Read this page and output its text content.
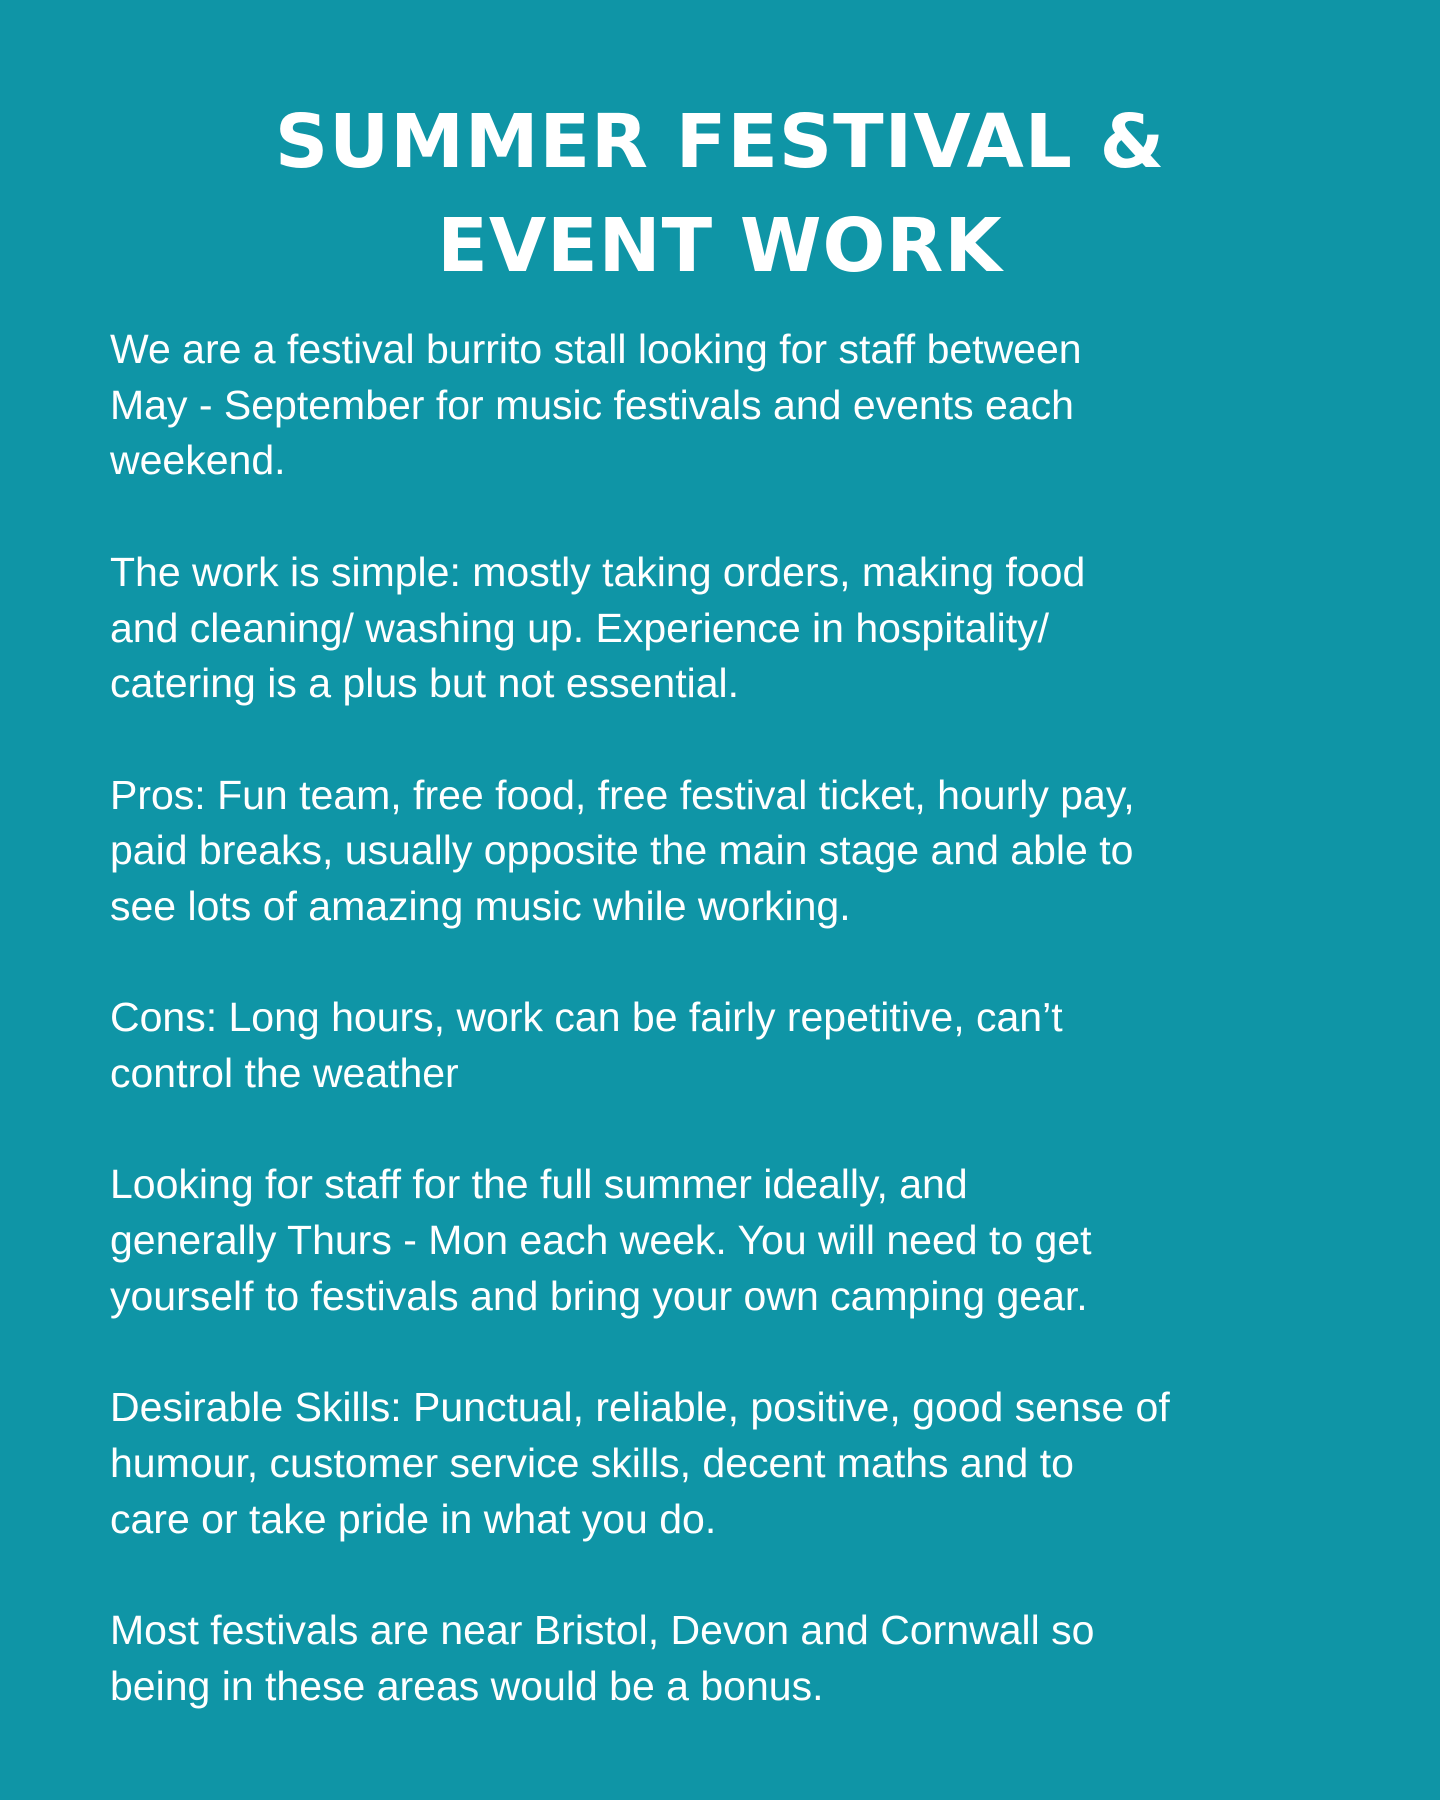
SUMMER FESTIVAL &
EVENT WORK

We are a festival burrito stall looking for staff between
May - September for music festivals and events each
weekend.

The work is simple: mostly taking orders, making food
and cleaning/ washing up. Experience in hospitality/
catering is a plus but not essential.

Pros: Fun team, free food, free festival ticket, hourly pay,
paid breaks, usually opposite the main stage and able to
see lots of amazing music while working.

Cons: Long hours, work can be fairly repetitive, can’t
control the weather

Looking for staff for the full summer ideally, and
generally Thurs - Mon each week. You will need to get
yourself to festivals and bring your own camping gear.

Desirable Skills: Punctual, reliable, positive, good sense of
humour, customer service skills, decent maths and to
care or take pride in what you do.

Most festivals are near Bristol, Devon and Cornwall so
being in these areas would be a bonus.
